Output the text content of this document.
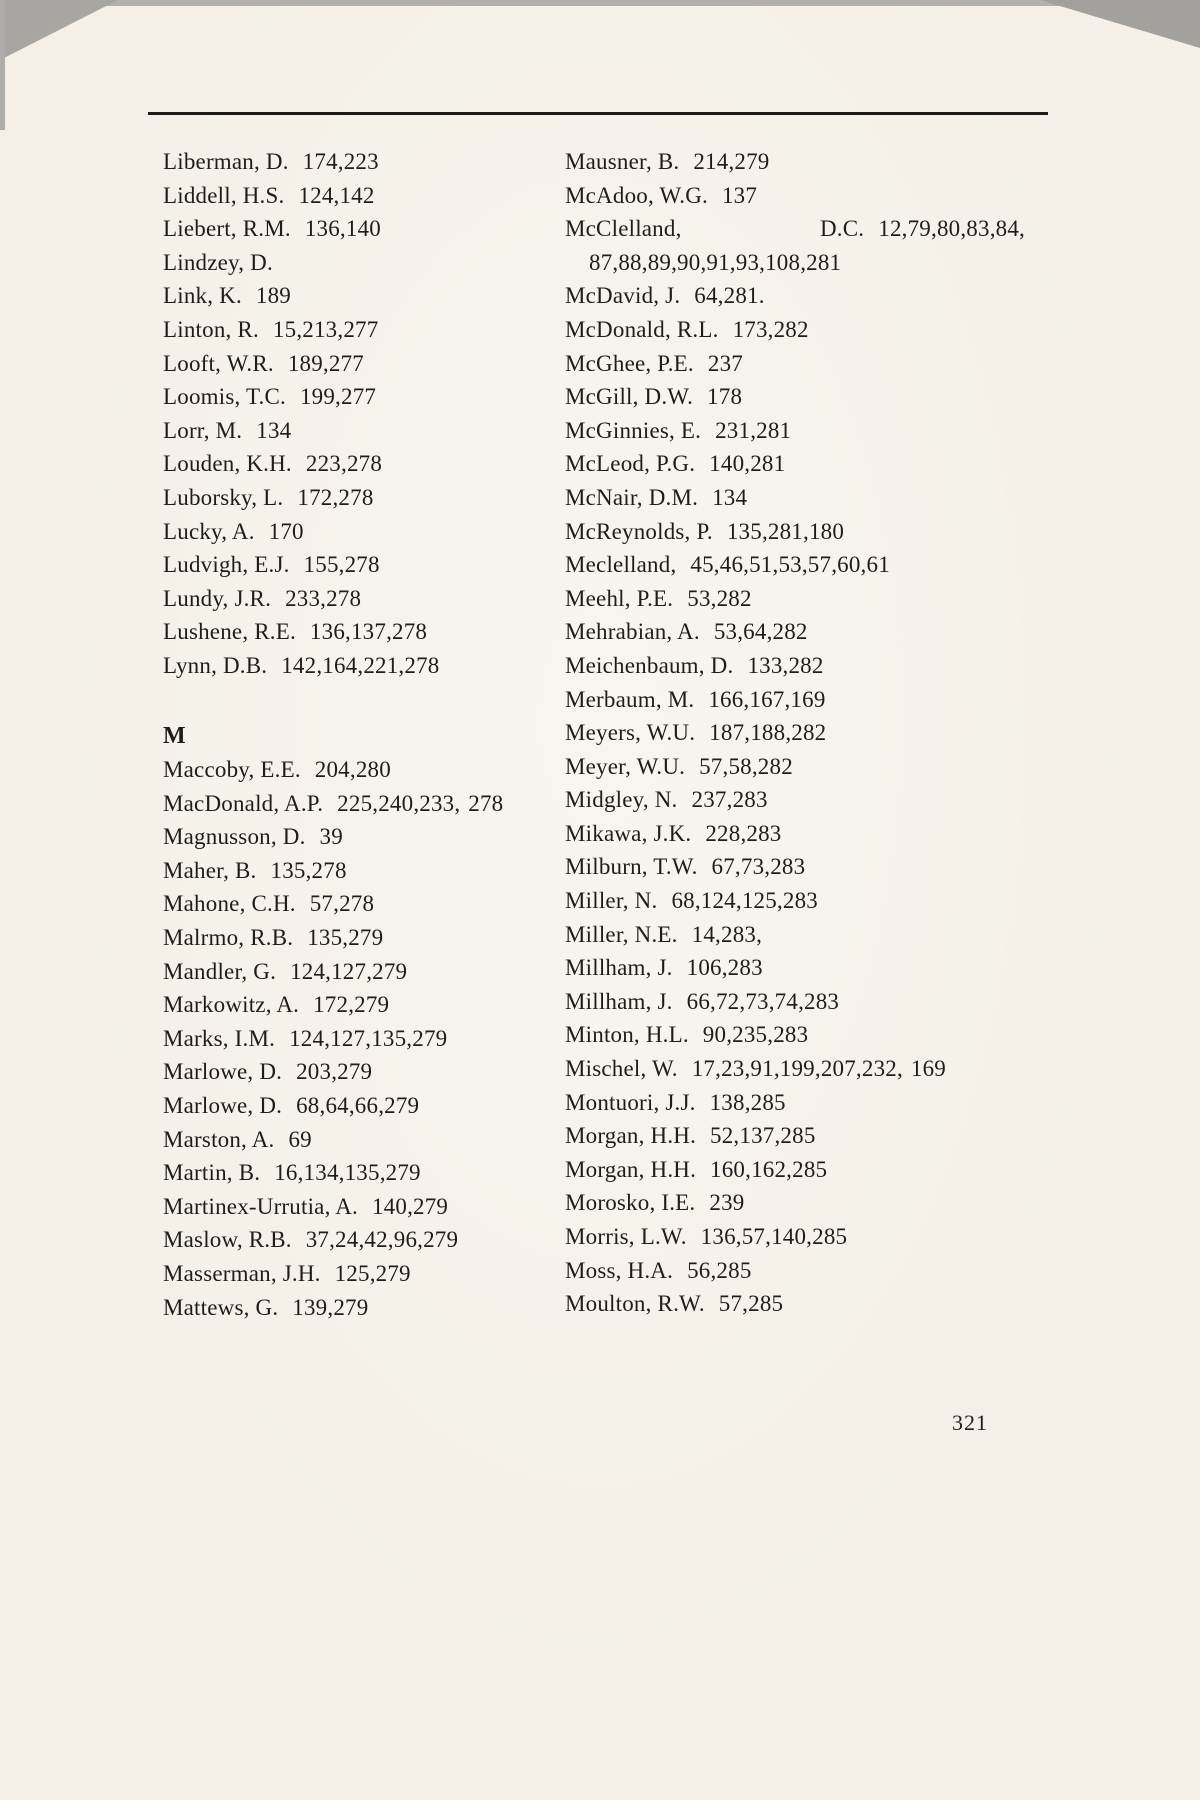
Liberman, D. 174,223
Liddell, H.S. 124,142
Liebert, R.M. 136,140
Lindzey, D.
Link, K. 189
Linton, R. 15,213,277
Looft, W.R. 189,277
Loomis, T.C. 199,277
Lorr, M. 134
Louden, K.H. 223,278
Luborsky, L. 172,278
Lucky, A. 170
Ludvigh, E.J. 155,278
Lundy, J.R. 233,278
Lushene, R.E. 136,137,278
Lynn, D.B. 142,164,221,278
M
Maccoby, E.E. 204,280
MacDonald, A.P. 225,240,233, 278
Magnusson, D. 39
Maher, B. 135,278
Mahone, C.H. 57,278
Malrmo, R.B. 135,279
Mandler, G. 124,127,279
Markowitz, A. 172,279
Marks, I.M. 124,127,135,279
Marlowe, D. 203,279
Marlowe, D. 68,64,66,279
Marston, A. 69
Martin, B. 16,134,135,279
Martinex-Urrutia, A. 140,279
Maslow, R.B. 37,24,42,96,279
Masserman, J.H. 125,279
Mattews, G. 139,279
Mausner, B. 214,279
McAdoo, W.G. 137
McClelland, D.C. 12,79,80,83,84, 87,88,89,90,91,93,108,281
McDavid, J. 64,281.
McDonald, R.L. 173,282
McGhee, P.E. 237
McGill, D.W. 178
McGinnies, E. 231,281
McLeod, P.G. 140,281
McNair, D.M. 134
McReynolds, P. 135,281,180
Meclelland, 45,46,51,53,57,60,61
Meehl, P.E. 53,282
Mehrabian, A. 53,64,282
Meichenbaum, D. 133,282
Merbaum, M. 166,167,169
Meyers, W.U. 187,188,282
Meyer, W.U. 57,58,282
Midgley, N. 237,283
Mikawa, J.K. 228,283
Milburn, T.W. 67,73,283
Miller, N. 68,124,125,283
Miller, N.E. 14,283,
Millham, J. 106,283
Millham, J. 66,72,73,74,283
Minton, H.L. 90,235,283
Mischel, W. 17,23,91,199,207,232, 169
Montuori, J.J. 138,285
Morgan, H.H. 52,137,285
Morgan, H.H. 160,162,285
Morosko, I.E. 239
Morris, L.W. 136,57,140,285
Moss, H.A. 56,285
Moulton, R.W. 57,285
321
